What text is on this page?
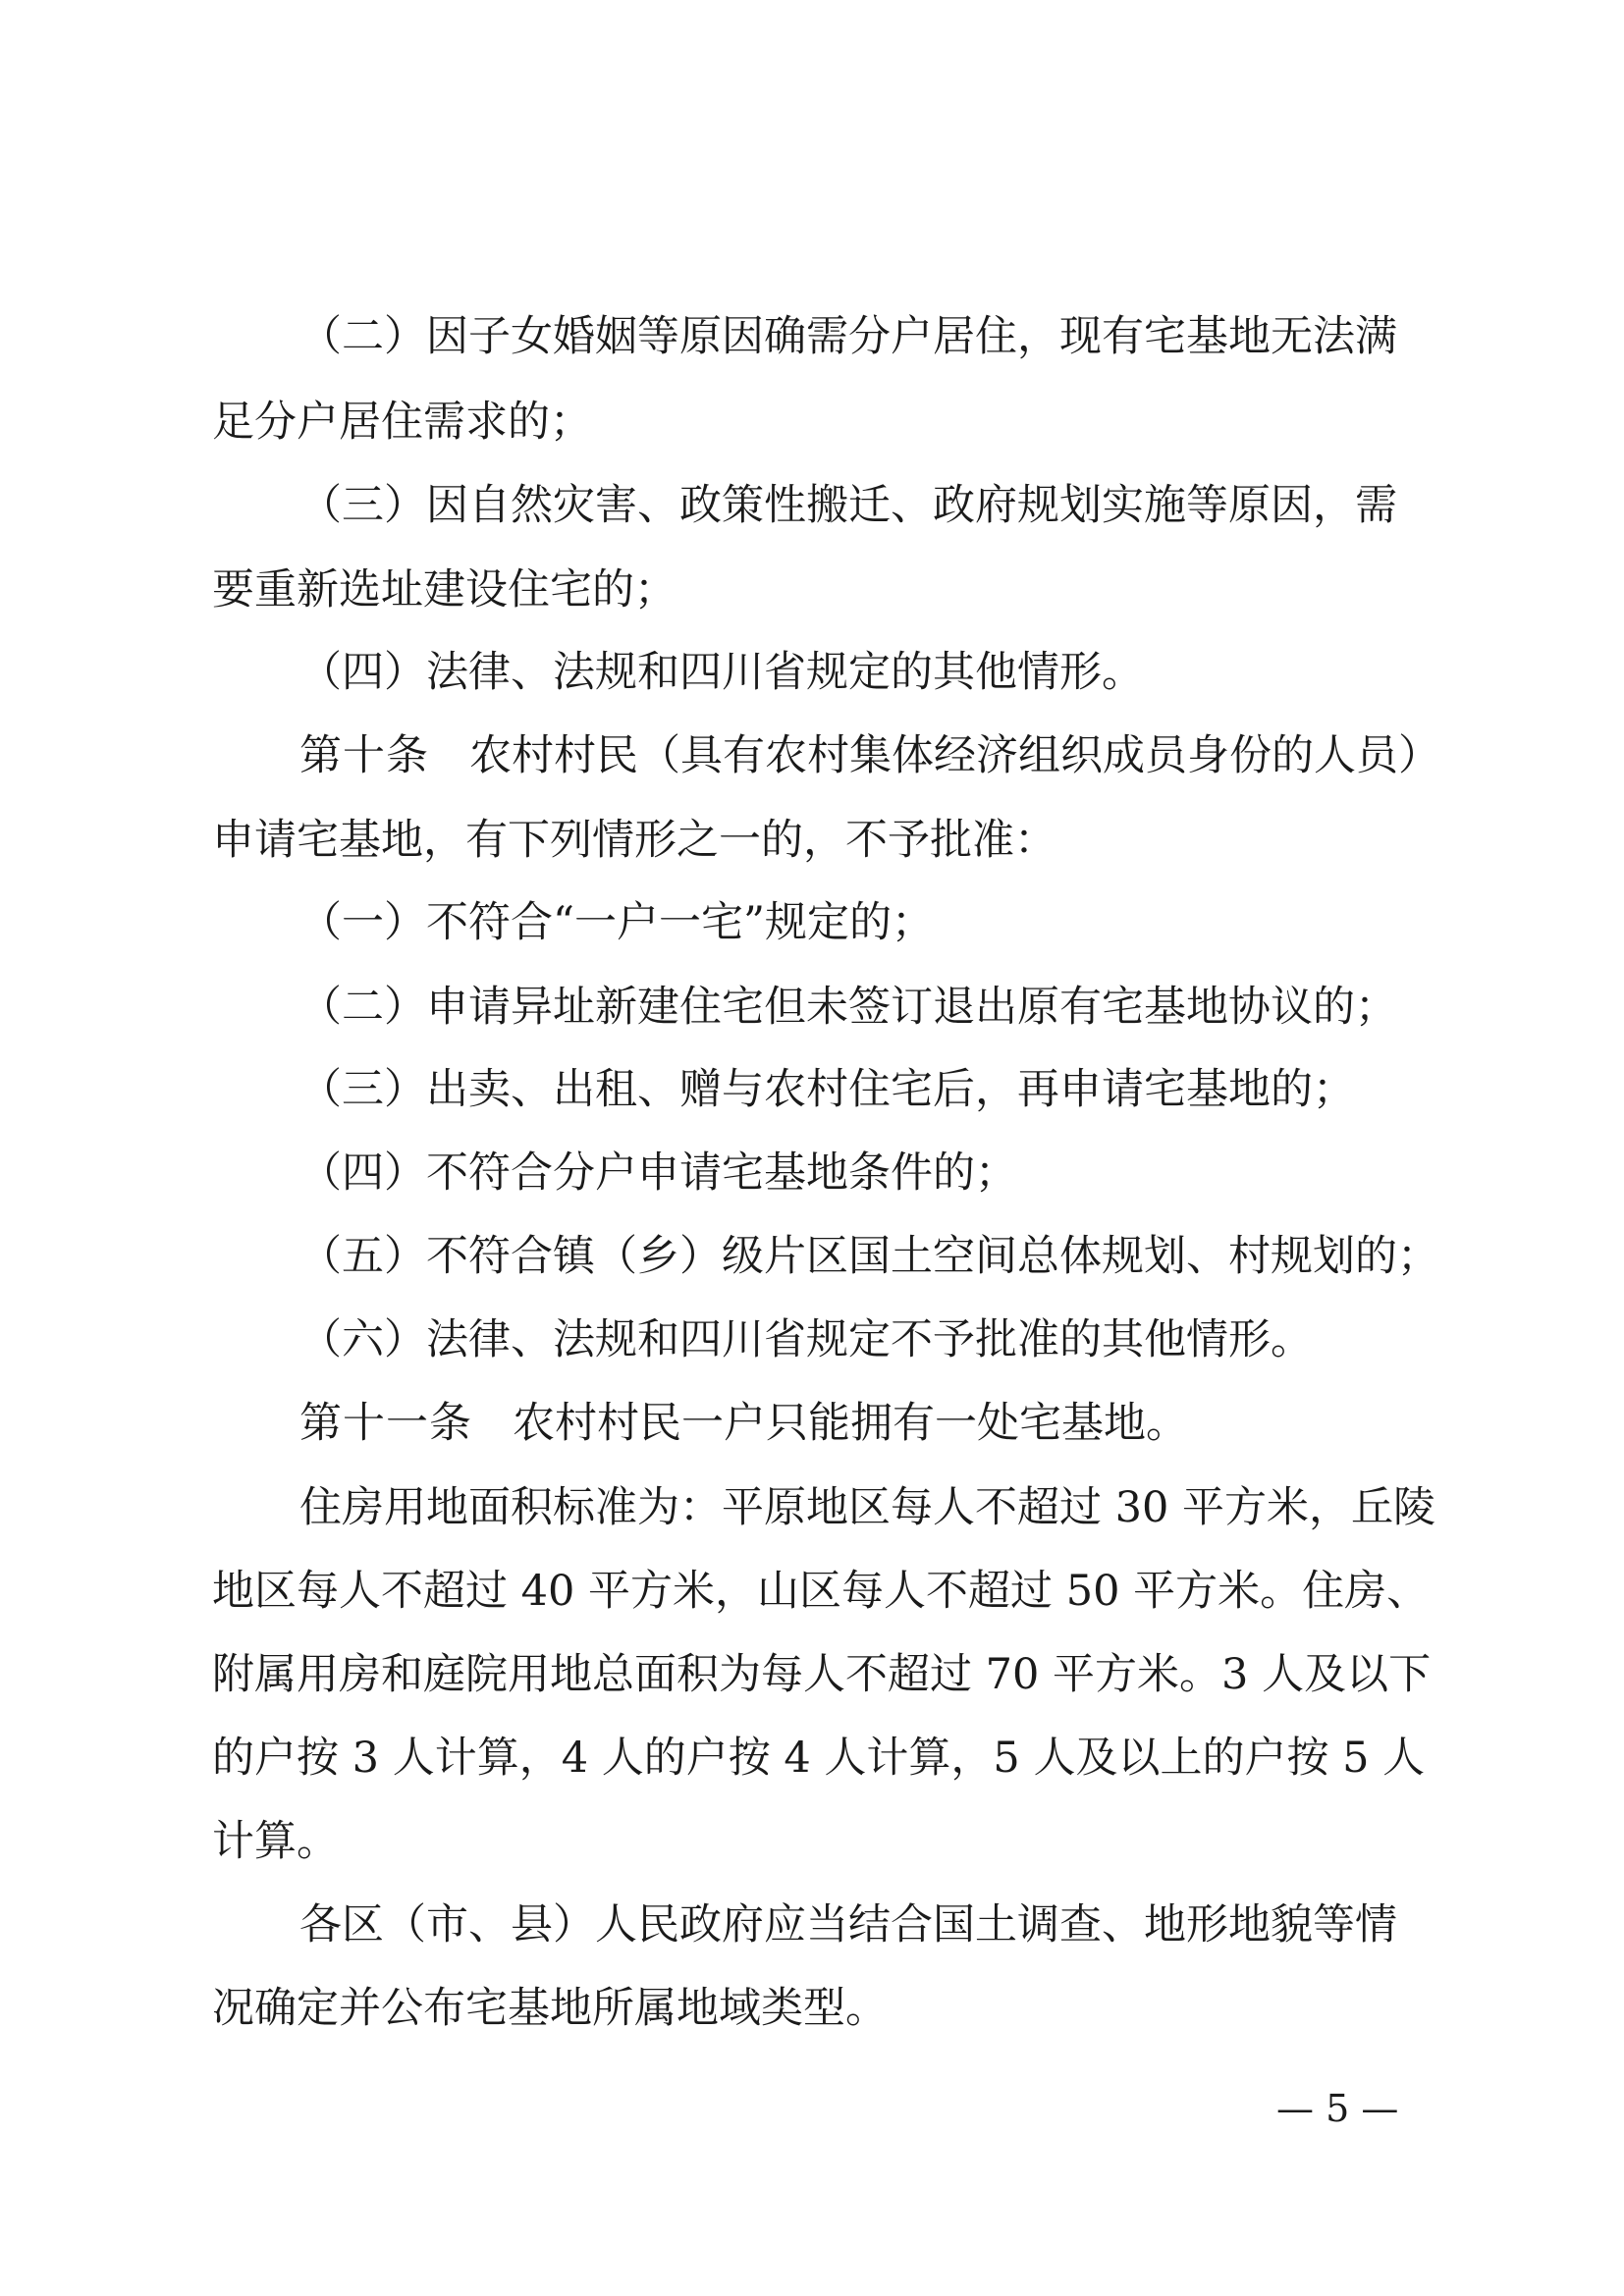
（二）因子女婚姻等原因确需分户居住，现有宅基地无法满
足分户居住需求的；
（三）因自然灾害、政策性搬迁、政府规划实施等原因，需
要重新选址建设住宅的；
（四）法律、法规和四川省规定的其他情形。
第十条 农村村民（具有农村集体经济组织成员身份的人员）
申请宅基地，有下列情形之一的，不予批准：
（一）不符合“一户一宅”规定的；
（二）申请异址新建住宅但未签订退出原有宅基地协议的；
（三）出卖、出租、赠与农村住宅后，再申请宅基地的；
（四）不符合分户申请宅基地条件的；
（五）不符合镇（乡）级片区国土空间总体规划、村规划的；
（六）法律、法规和四川省规定不予批准的其他情形。
第十一条 农村村民一户只能拥有一处宅基地。
住房用地面积标准为：平原地区每人不超过 30 平方米，丘陵
地区每人不超过 40 平方米，山区每人不超过 50 平方米。住房、
附属用房和庭院用地总面积为每人不超过 70 平方米。3 人及以下
的户按 3 人计算，4 人的户按 4 人计算，5 人及以上的户按 5 人
计算。
各区（市、县）人民政府应当结合国土调查、地形地貌等情
况确定并公布宅基地所属地域类型。
— 5 —
